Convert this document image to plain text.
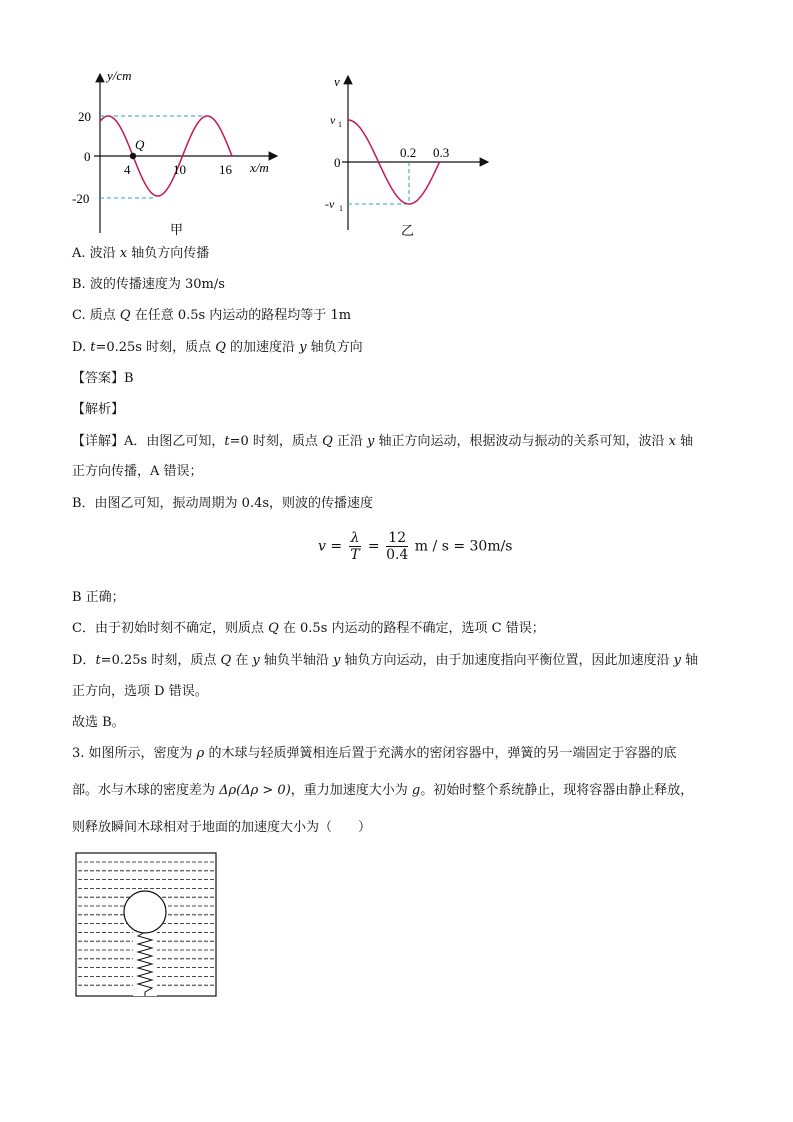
y/cm
x/m
20
0
-20
4	10	16
Q
甲
v
v 1
0
-v 1
0.2 0.3
乙
A. 波沿 x 轴负方向传播
B. 波的传播速度为 30m/s
C. 质点 Q 在任意 0.5s 内运动的路程均等于 1m
D. t=0.25s 时刻，质点 Q 的加速度沿 y 轴负方向
【答案】B
【解析】
【详解】A．由图乙可知，t=0 时刻，质点 Q 正沿 y 轴正方向运动，根据波动与振动的关系可知，波沿 x 轴
正方向传播，A 错误；
B．由图乙可知，振动周期为 0.4s，则波的传播速度
$v = \frac{\lambda}{T} = \frac{12}{0.4}$ m / s = 30m/s
B 正确；
C．由于初始时刻不确定，则质点 Q 在 0.5s 内运动的路程不确定，选项 C 错误；
D．t=0.25s 时刻，质点 Q 在 y 轴负半轴沿 y 轴负方向运动，由于加速度指向平衡位置，因此加速度沿 y 轴
正方向，选项 D 错误。
故选 B。
3. 如图所示，密度为 ρ 的木球与轻质弹簧相连后置于充满水的密闭容器中，弹簧的另一端固定于容器的底
部。水与木球的密度差为 Δρ(Δρ > 0)，重力加速度大小为 g。初始时整个系统静止，现将容器由静止释放，
则释放瞬间木球相对于地面的加速度大小为（　　）
